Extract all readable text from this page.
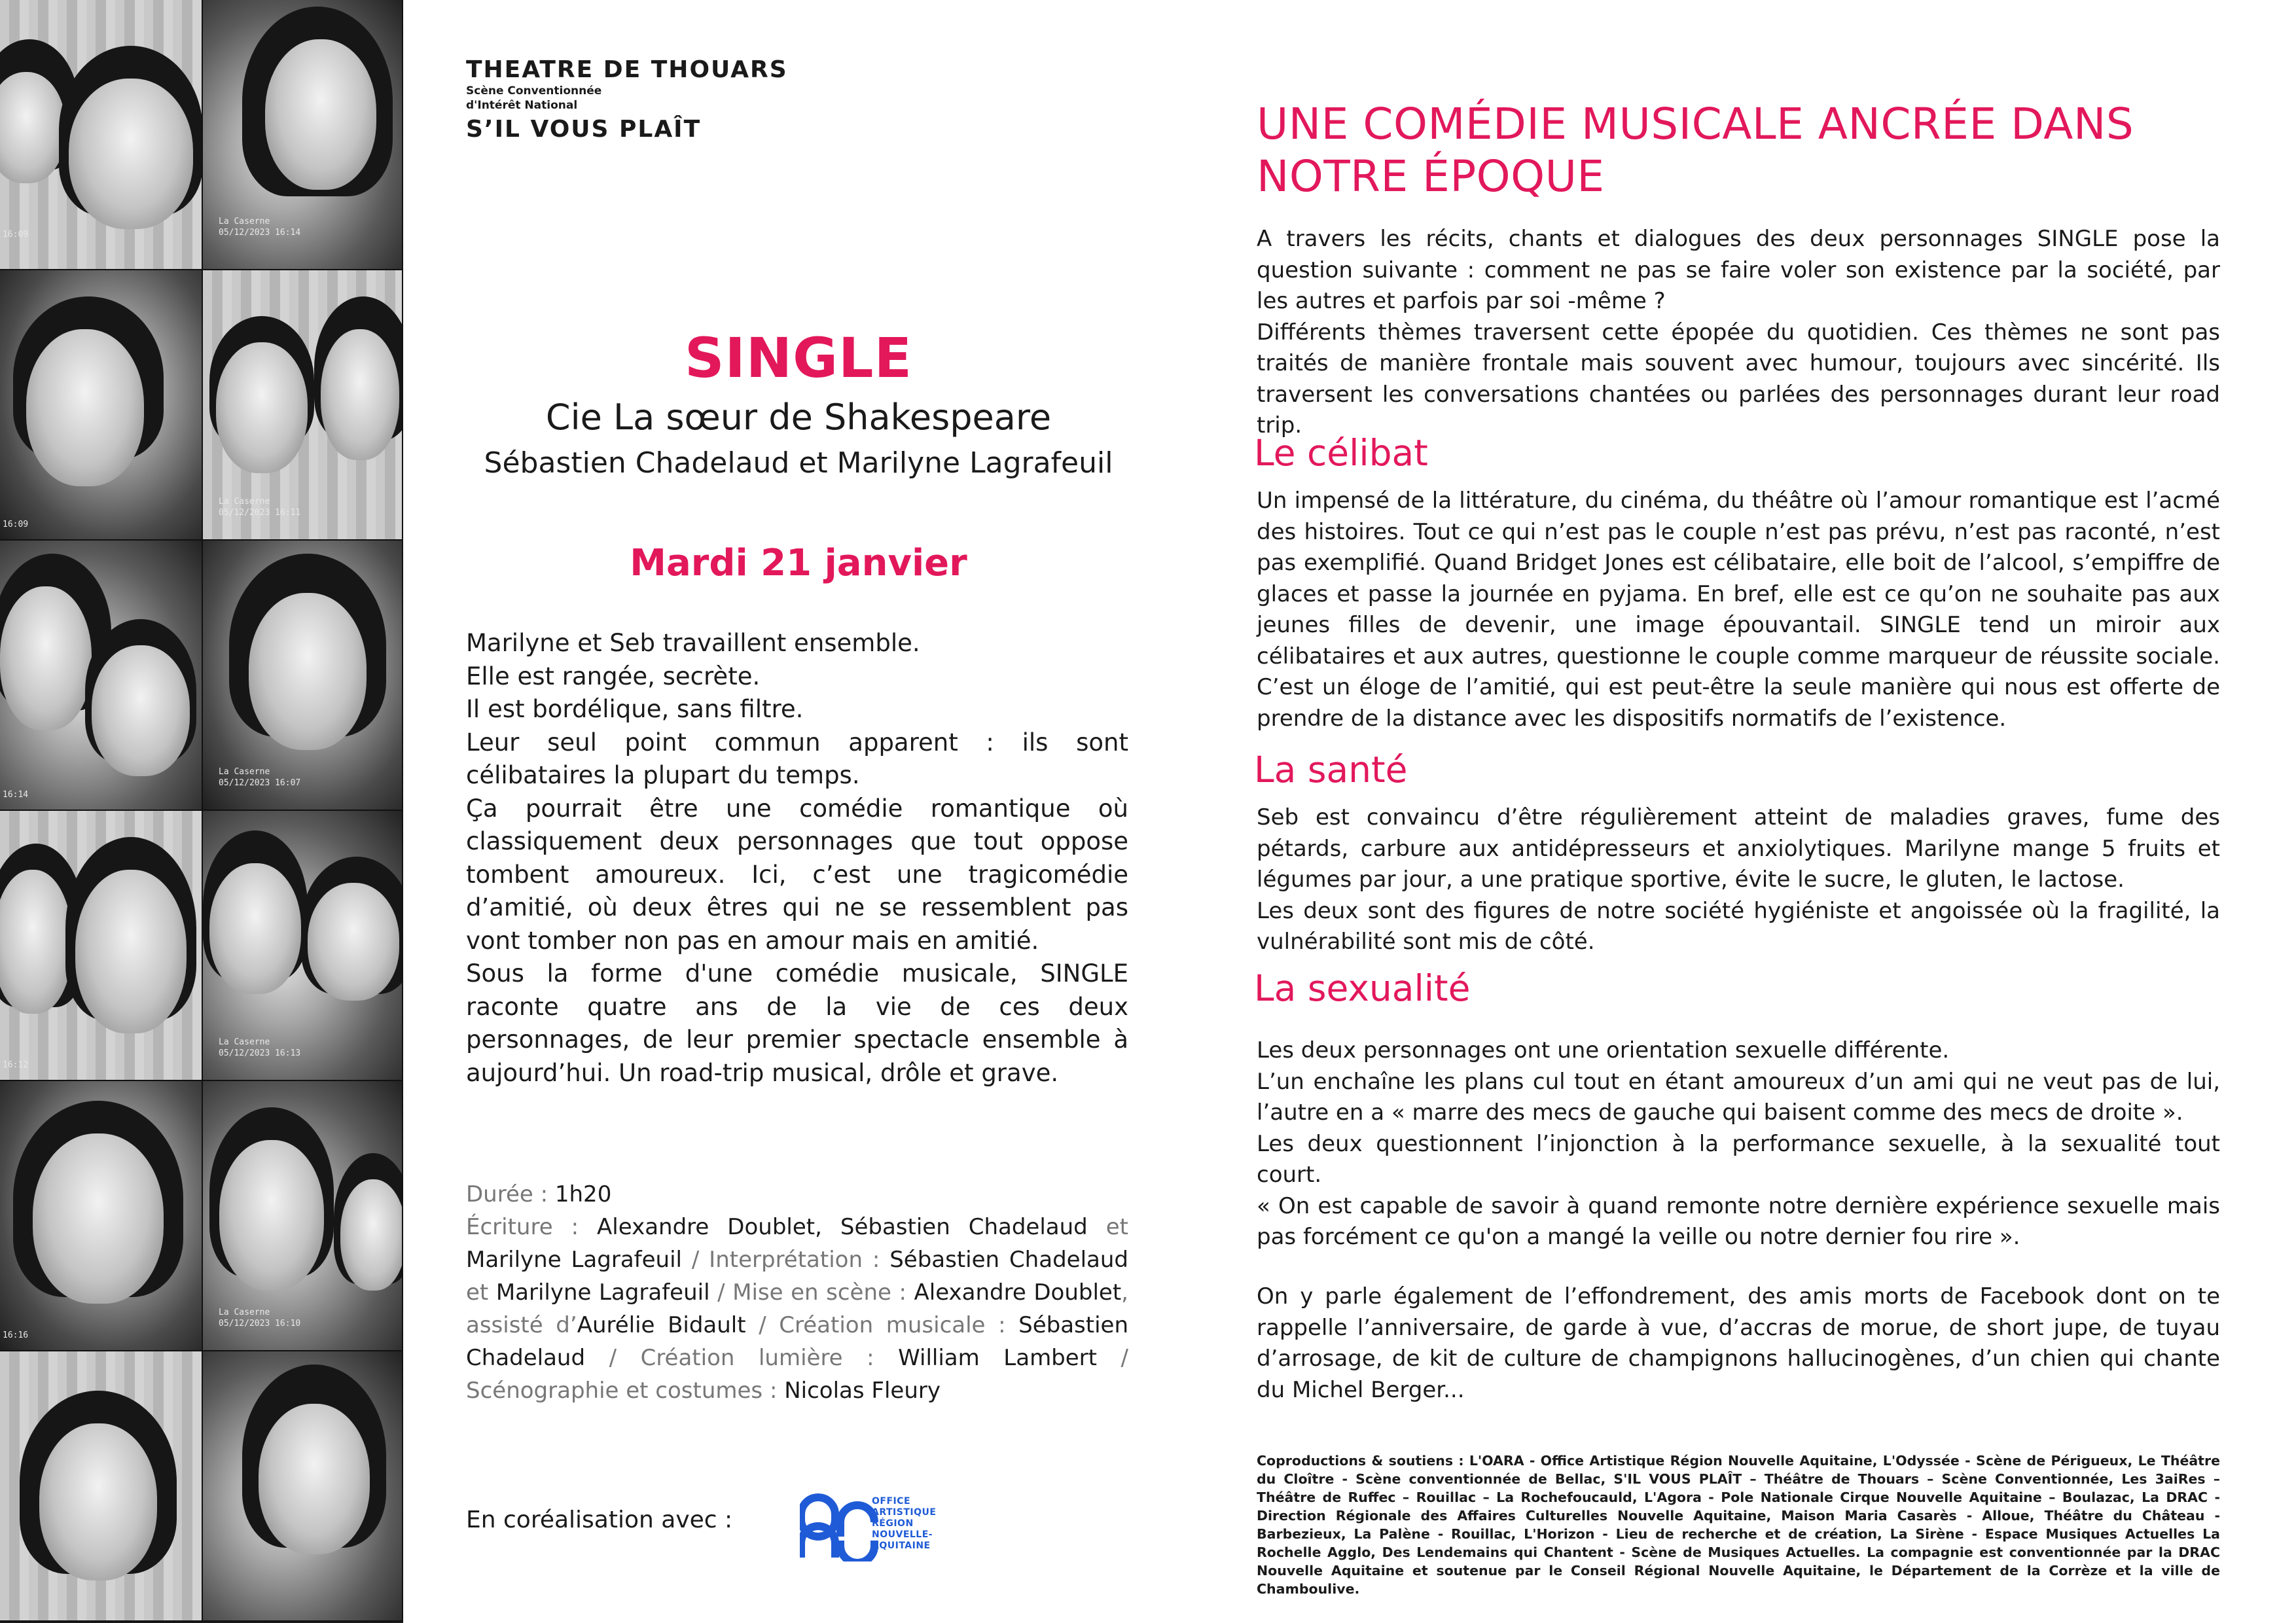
16:09
La Caserne
05/12/2023 16:14
16:09
La Caserne
05/12/2023 16:11
16:14
La Caserne
05/12/2023 16:07
16:12
La Caserne
05/12/2023 16:13
16:16
La Caserne
05/12/2023 16:10
THEATRE DE THOUARS
Scène Conventionnée
d'Intérêt National
S’IL VOUS PLAÎT
SINGLE
Cie La sœur de Shakespeare
Sébastien Chadelaud et Marilyne Lagrafeuil
Mardi 21 janvier

Marilyne et Seb travaillent ensemble.

Elle est rangée, secrète.

Il est bordélique, sans filtre.

Leur seul point commun apparent : ils sont célibataires la plupart du temps.

Ça pourrait être une comédie romantique où classiquement deux personnages que tout oppose tombent amoureux. Ici, c’est une tragicomédie d’amitié, où deux êtres qui ne se ressemblent pas vont tomber non pas en amour mais en amitié.

Sous la forme d'une comédie musicale, SINGLE raconte quatre ans de la vie de ces deux personnages, de leur premier spectacle ensemble à aujourd’hui. Un road-trip musical, drôle et grave.

Durée : 1h20
Écriture : Alexandre Doublet, Sébastien Chadelaud et Marilyne Lagrafeuil / Interprétation : Sébastien Chadelaud et Marilyne Lagrafeuil / Mise en scène : Alexandre Doublet, assisté d’Aurélie Bidault / Création musicale : Sébastien Chadelaud / Création lumière : William Lambert / Scénographie et costumes : Nicolas Fleury
En coréalisation avec :
OFFICE
ARTISTIQUE
RÉGION
NOUVELLE-
AQUITAINE
UNE COMÉDIE MUSICALE ANCRÉE DANS NOTRE ÉPOQUE

A travers les récits, chants et dialogues des deux personnages SINGLE pose la question suivante : comment ne pas se faire voler son existence par la société, par les autres et parfois par soi -même ?

Différents thèmes traversent cette épopée du quotidien. Ces thèmes ne sont pas traités de manière frontale mais souvent avec humour, toujours avec sincérité. Ils traversent les conversations chantées ou parlées des personnages durant leur road trip.

Le célibat

Un impensé de la littérature, du cinéma, du théâtre où l’amour romantique est l’acmé des histoires. Tout ce qui n’est pas le couple n’est pas prévu, n’est pas raconté, n’est pas exemplifié. Quand Bridget Jones est célibataire, elle boit de l’alcool, s’empiffre de glaces et passe la journée en pyjama. En bref, elle est ce qu’on ne souhaite pas aux jeunes filles de devenir, une image épouvantail. SINGLE tend un miroir aux célibataires et aux autres, questionne le couple comme marqueur de réussite sociale. C’est un éloge de l’amitié, qui est peut-être la seule manière qui nous est offerte de prendre de la distance avec les dispositifs normatifs de l’existence.

La santé

Seb est convaincu d’être régulièrement atteint de maladies graves, fume des pétards, carbure aux antidépresseurs et anxiolytiques. Marilyne mange 5 fruits et légumes par jour, a une pratique sportive, évite le sucre, le gluten, le lactose.

Les deux sont des figures de notre société hygiéniste et angoissée où la fragilité, la vulnérabilité sont mis de côté.

La sexualité

Les deux personnages ont une orientation sexuelle différente.

L’un enchaîne les plans cul tout en étant amoureux d’un ami qui ne veut pas de lui, l’autre en a « marre des mecs de gauche qui baisent comme des mecs de droite ».

Les deux questionnent l’injonction à la performance sexuelle, à la sexualité tout court.

« On est capable de savoir à quand remonte notre dernière expérience sexuelle mais pas forcément ce qu'on a mangé la veille ou notre dernier fou rire ».

On y parle également de l’effondrement, des amis morts de Facebook dont on te rappelle l’anniversaire, de garde à vue, d’accras de morue, de short jupe, de tuyau d’arrosage, de kit de culture de champignons hallucinogènes, d’un chien qui chante du Michel Berger...

Coproductions & soutiens : L'OARA - Office Artistique Région Nouvelle Aquitaine, L'Odyssée - Scène de Périgueux, Le Théâtre du Cloître - Scène conventionnée de Bellac, S'IL VOUS PLAÎT – Théâtre de Thouars – Scène Conventionnée, Les 3aiRes – Théâtre de Ruffec – Rouillac – La Rochefoucauld, L'Agora - Pole Nationale Cirque Nouvelle Aquitaine – Boulazac, La DRAC - Direction Régionale des Affaires Culturelles Nouvelle Aquitaine, Maison Maria Casarès - Alloue, Théâtre du Château - Barbezieux, La Palène - Rouillac, L'Horizon - Lieu de recherche et de création, La Sirène - Espace Musiques Actuelles La Rochelle Agglo, Des Lendemains qui Chantent - Scène de Musiques Actuelles. La compagnie est conventionnée par la DRAC Nouvelle Aquitaine et soutenue par le Conseil Régional Nouvelle Aquitaine, le Département de la Corrèze et la ville de Chamboulive.
